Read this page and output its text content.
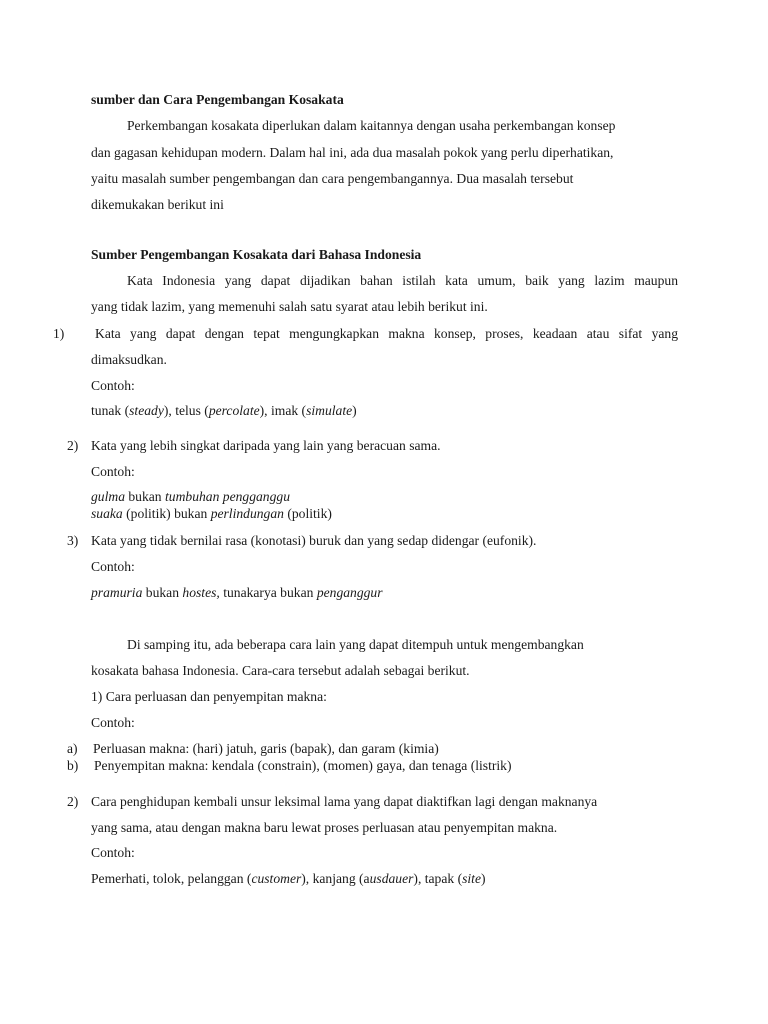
sumber dan Cara Pengembangan Kosakata
Perkembangan kosakata diperlukan dalam kaitannya dengan usaha perkembangan konsep
dan gagasan kehidupan modern. Dalam hal ini, ada dua masalah pokok yang perlu diperhatikan,
yaitu masalah sumber pengembangan dan cara pengembangannya. Dua masalah tersebut
dikemukakan berikut ini
Sumber Pengembangan Kosakata dari Bahasa Indonesia
Kata Indonesia yang dapat dijadikan bahan istilah kata umum, baik yang lazim maupun
yang tidak lazim, yang memenuhi salah satu syarat atau lebih berikut ini.
1) Kata yang dapat dengan tepat mengungkapkan makna konsep, proses, keadaan atau sifat yang
dimaksudkan.
Contoh:
tunak (steady), telus (percolate), imak (simulate)
2) Kata yang lebih singkat daripada yang lain yang beracuan sama.
Contoh:
gulma bukan tumbuhan pengganggu
suaka (politik) bukan perlindungan (politik)
3) Kata yang tidak bernilai rasa (konotasi) buruk dan yang sedap didengar (eufonik).
Contoh:
pramuria bukan hostes, tunakarya bukan penganggur
Di samping itu, ada beberapa cara lain yang dapat ditempuh untuk mengembangkan
kosakata bahasa Indonesia. Cara-cara tersebut adalah sebagai berikut.
1) Cara perluasan dan penyempitan makna:
Contoh:
a) Perluasan makna: (hari) jatuh, garis (bapak), dan garam (kimia)
b) Penyempitan makna: kendala (constrain), (momen) gaya, dan tenaga (listrik)
2) Cara penghidupan kembali unsur leksimal lama yang dapat diaktifkan lagi dengan maknanya
yang sama, atau dengan makna baru lewat proses perluasan atau penyempitan makna.
Contoh:
Pemerhati, tolok, pelanggan (customer), kanjang (ausdauer), tapak (site)
